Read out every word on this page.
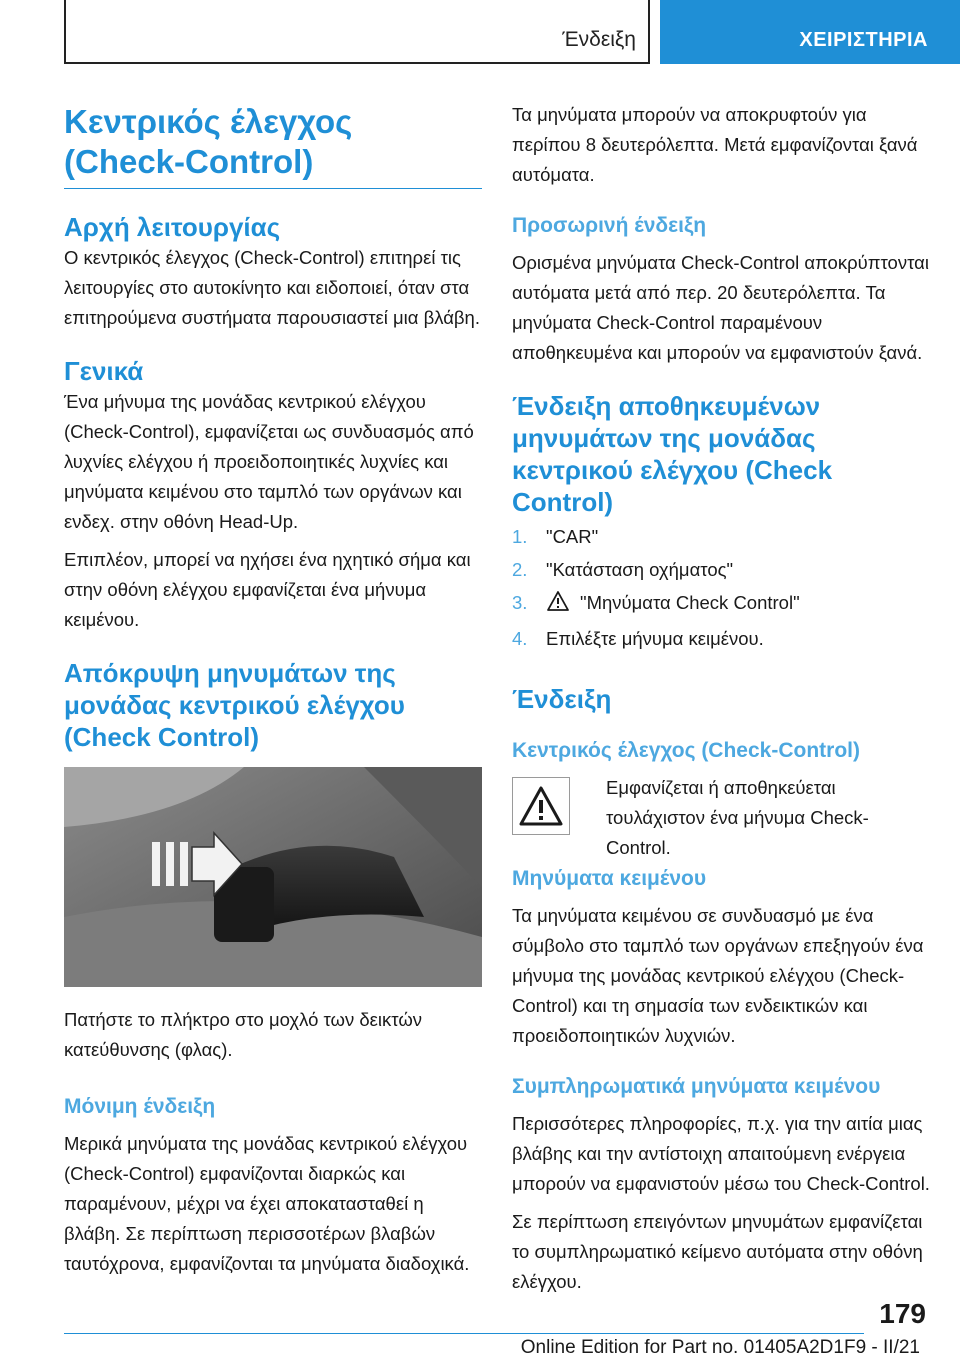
Ένδειξη	ΧΕΙΡΙΣΤΗΡΙΑ
Κεντρικός έλεγχος (Check-Control)
Αρχή λειτουργίας

Ο κεντρικός έλεγχος (Check-Control) επιτηρεί τις λειτουργίες στο αυτοκίνητο και ειδοποιεί, όταν στα επιτηρούμενα συστήματα παρουσιαστεί μια βλάβη.

Γενικά

Ένα μήνυμα της μονάδας κεντρικού ελέγχου (Check-Control), εμφανίζεται ως συνδυασμός από λυχνίες ελέγχου ή προειδοποιητικές λυχνίες και μηνύματα κειμένου στο ταμπλό των οργάνων και ενδεχ. στην οθόνη Head-Up.

Επιπλέον, μπορεί να ηχήσει ένα ηχητικό σήμα και στην οθόνη ελέγχου εμφανίζεται ένα μήνυμα κειμένου.

Απόκρυψη μηνυμάτων της μονάδας κεντρικού ελέγχου (Check Control)

Πατήστε το πλήκτρο στο μοχλό των δεικτών κατεύθυνσης (φλας).

Μόνιμη ένδειξη

Μερικά μηνύματα της μονάδας κεντρικού ελέγχου (Check-Control) εμφανίζονται διαρκώς και παραμένουν, μέχρι να έχει αποκατασταθεί η βλάβη. Σε περίπτωση περισσοτέρων βλαβών ταυτόχρονα, εμφανίζονται τα μηνύματα διαδοχικά.

Τα μηνύματα μπορούν να αποκρυφτούν για περίπου 8 δευτερόλεπτα. Μετά εμφανίζονται ξανά αυτόματα.

Προσωρινή ένδειξη

Ορισμένα μηνύματα Check-Control αποκρύπτονται αυτόματα μετά από περ. 20 δευτερόλεπτα. Τα μηνύματα Check-Control παραμένουν αποθηκευμένα και μπορούν να εμφανιστούν ξανά.

Ένδειξη αποθηκευμένων μηνυμάτων της μονάδας κεντρικού ελέγχου (Check Control)
1. "CAR"
2. "Κατάσταση οχήματος"
3.	"Μηνύματα Check Control"
4. Επιλέξτε μήνυμα κειμένου.
Ένδειξη
Κεντρικός έλεγχος (Check-Control)

Εμφανίζεται ή αποθηκεύεται τουλάχιστον ένα μήνυμα Check-Control.

Μηνύματα κειμένου

Τα μηνύματα κειμένου σε συνδυασμό με ένα σύμβολο στο ταμπλό των οργάνων επεξηγούν ένα μήνυμα της μονάδας κεντρικού ελέγχου (Check-Control) και τη σημασία των ενδεικτικών και προειδοποιητικών λυχνιών.

Συμπληρωματικά μηνύματα κειμένου

Περισσότερες πληροφορίες, π.χ. για την αιτία μιας βλάβης και την αντίστοιχη απαιτούμενη ενέργεια μπορούν να εμφανιστούν μέσω του Check-Control.

Σε περίπτωση επειγόντων μηνυμάτων εμφανίζεται το συμπληρωματικό κείμενο αυτόματα στην οθόνη ελέγχου.

179
Online Edition for Part no. 01405A2D1F9 - II/21
